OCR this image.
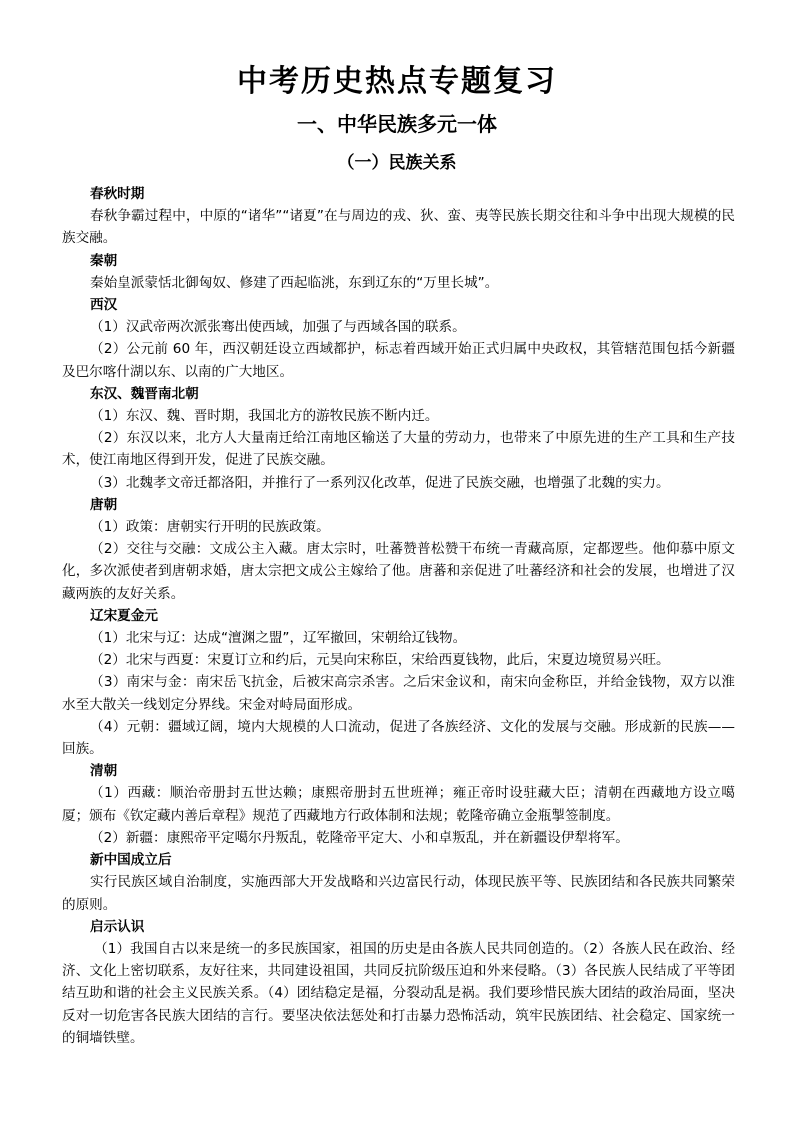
中考历史热点专题复习
一、中华民族多元一体
（一）民族关系

春秋时期

春秋争霸过程中，中原的“诸华”“诸夏”在与周边的戎、狄、蛮、夷等民族长期交往和斗争中出现大规模的民族交融。

秦朝

秦始皇派蒙恬北御匈奴、修建了西起临洮，东到辽东的“万里长城”。

西汉

（1）汉武帝两次派张骞出使西域，加强了与西域各国的联系。

（2）公元前 60 年，西汉朝廷设立西域都护，标志着西域开始正式归属中央政权，其管辖范围包括今新疆及巴尔喀什湖以东、以南的广大地区。

东汉、魏晋南北朝

（1）东汉、魏、晋时期，我国北方的游牧民族不断内迁。

（2）东汉以来，北方人大量南迁给江南地区输送了大量的劳动力，也带来了中原先进的生产工具和生产技术，使江南地区得到开发，促进了民族交融。

（3）北魏孝文帝迁都洛阳，并推行了一系列汉化改革，促进了民族交融，也增强了北魏的实力。

唐朝

（1）政策：唐朝实行开明的民族政策。

（2）交往与交融：文成公主入藏。唐太宗时，吐蕃赞普松赞干布统一青藏高原，定都逻些。他仰慕中原文化，多次派使者到唐朝求婚，唐太宗把文成公主嫁给了他。唐蕃和亲促进了吐蕃经济和社会的发展，也增进了汉藏两族的友好关系。

辽宋夏金元

（1）北宋与辽：达成“澶渊之盟”，辽军撤回，宋朝给辽钱物。

（2）北宋与西夏：宋夏订立和约后，元昊向宋称臣，宋给西夏钱物，此后，宋夏边境贸易兴旺。

（3）南宋与金：南宋岳飞抗金，后被宋高宗杀害。之后宋金议和，南宋向金称臣，并给金钱物，双方以淮水至大散关一线划定分界线。宋金对峙局面形成。

（4）元朝：疆域辽阔，境内大规模的人口流动，促进了各族经济、文化的发展与交融。形成新的民族——回族。

清朝

（1）西藏：顺治帝册封五世达赖；康熙帝册封五世班禅；雍正帝时设驻藏大臣；清朝在西藏地方设立噶厦；颁布《钦定藏内善后章程》规范了西藏地方行政体制和法规；乾隆帝确立金瓶掣签制度。

（2）新疆：康熙帝平定噶尔丹叛乱，乾隆帝平定大、小和卓叛乱，并在新疆设伊犁将军。

新中国成立后

实行民族区域自治制度，实施西部大开发战略和兴边富民行动，体现民族平等、民族团结和各民族共同繁荣的原则。

启示认识

（1）我国自古以来是统一的多民族国家，祖国的历史是由各族人民共同创造的。（2）各族人民在政治、经济、文化上密切联系，友好往来，共同建设祖国，共同反抗阶级压迫和外来侵略。（3）各民族人民结成了平等团结互助和谐的社会主义民族关系。（4）团结稳定是福，分裂动乱是祸。我们要珍惜民族大团结的政治局面，坚决反对一切危害各民族大团结的言行。要坚决依法惩处和打击暴力恐怖活动，筑牢民族团结、社会稳定、国家统一的铜墙铁壁。
